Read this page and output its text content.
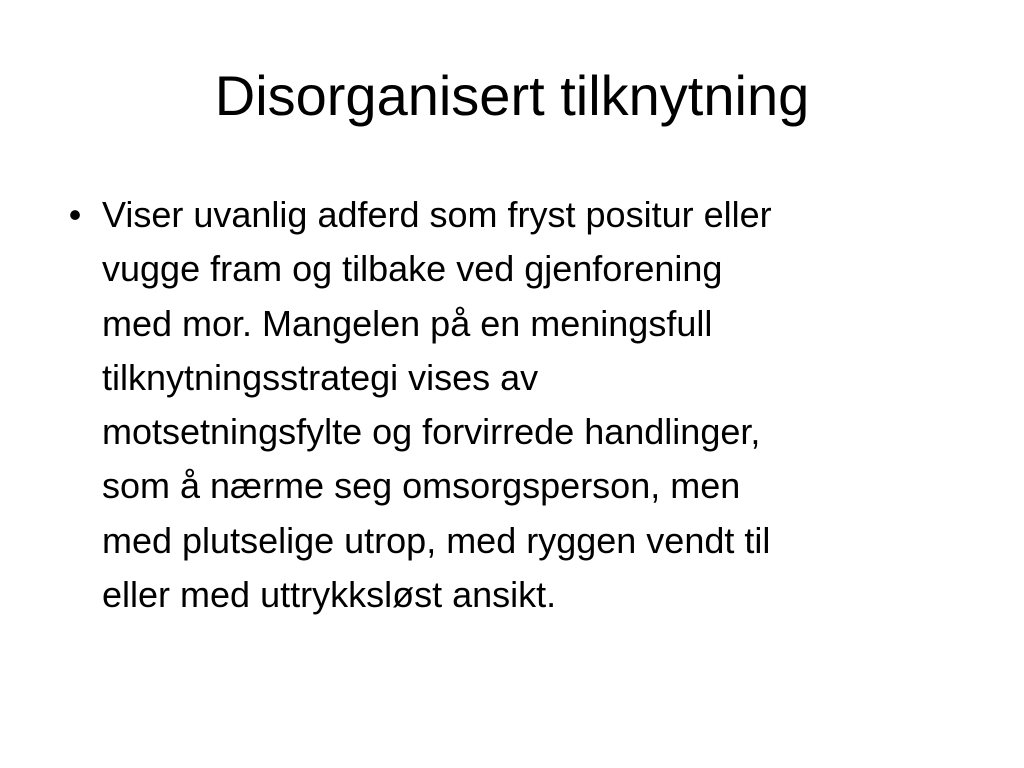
Disorganisert tilknytning
• Viser uvanlig adferd som fryst positur eller
vugge fram og tilbake ved gjenforening
med mor. Mangelen på en meningsfull
tilknytningsstrategi vises av
motsetningsfylte og forvirrede handlinger,
som å nærme seg omsorgsperson, men
med plutselige utrop, med ryggen vendt til
eller med uttrykksløst ansikt.
